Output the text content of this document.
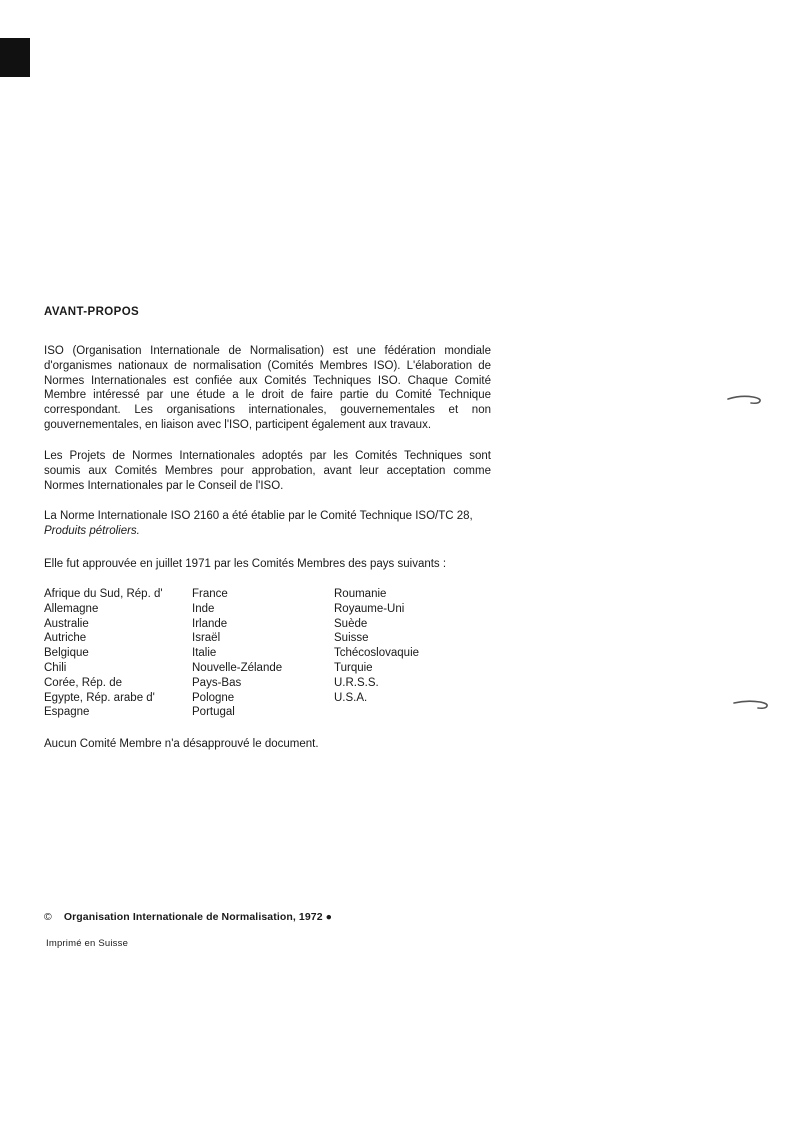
AVANT-PROPOS
ISO (Organisation Internationale de Normalisation) est une fédération mondiale d'organismes nationaux de normalisation (Comités Membres ISO). L'élaboration de Normes Internationales est confiée aux Comités Techniques ISO. Chaque Comité Membre intéressé par une étude a le droit de faire partie du Comité Technique correspondant. Les organisations internationales, gouvernementales et non gouvernementales, en liaison avec l'ISO, participent également aux travaux.
Les Projets de Normes Internationales adoptés par les Comités Techniques sont soumis aux Comités Membres pour approbation, avant leur acceptation comme Normes Internationales par le Conseil de l'ISO.
La Norme Internationale ISO 2160 a été établie par le Comité Technique ISO/TC 28,
Produits pétroliers.
Elle fut approuvée en juillet 1971 par les Comités Membres des pays suivants :
Afrique du Sud, Rép. d'
Allemagne
Australie
Autriche
Belgique
Chili
Corée, Rép. de
Egypte, Rép. arabe d'
Espagne
France
Inde
Irlande
Israël
Italie
Nouvelle-Zélande
Pays-Bas
Pologne
Portugal
Roumanie
Royaume-Uni
Suède
Suisse
Tchécoslovaquie
Turquie
U.R.S.S.
U.S.A.
Aucun Comité Membre n'a désapprouvé le document.
© Organisation Internationale de Normalisation, 1972 ●
Imprimé en Suisse
